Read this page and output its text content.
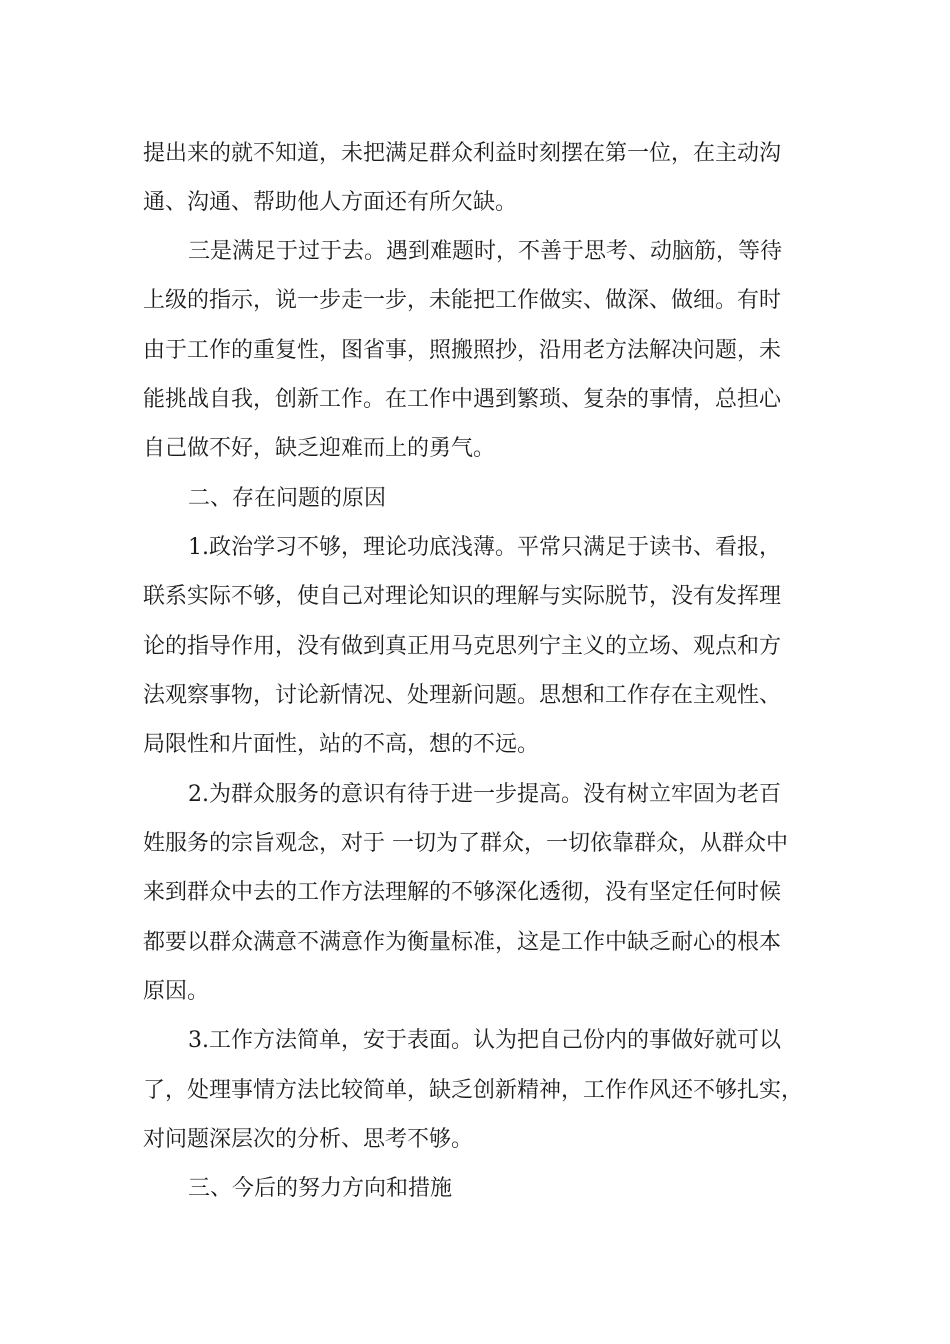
提出来的就不知道，未把满足群众利益时刻摆在第一位，在主动沟

通、沟通、帮助他人方面还有所欠缺。

三是满足于过于去。遇到难题时，不善于思考、动脑筋，等待

上级的指示，说一步走一步，未能把工作做实、做深、做细。有时

由于工作的重复性，图省事，照搬照抄，沿用老方法解决问题，未

能挑战自我，创新工作。在工作中遇到繁琐、复杂的事情，总担心

自己做不好，缺乏迎难而上的勇气。

二、存在问题的原因

1.政治学习不够，理论功底浅薄。平常只满足于读书、看报，

联系实际不够，使自己对理论知识的理解与实际脱节，没有发挥理

论的指导作用，没有做到真正用马克思列宁主义的立场、观点和方

法观察事物，讨论新情况、处理新问题。思想和工作存在主观性、

局限性和片面性，站的不高，想的不远。

2.为群众服务的意识有待于进一步提高。没有树立牢固为老百

姓服务的宗旨观念，对于 一切为了群众，一切依靠群众，从群众中

来到群众中去的工作方法理解的不够深化透彻，没有坚定任何时候

都要以群众满意不满意作为衡量标准，这是工作中缺乏耐心的根本

原因。

3.工作方法简单，安于表面。认为把自己份内的事做好就可以

了，处理事情方法比较简单，缺乏创新精神，工作作风还不够扎实，

对问题深层次的分析、思考不够。

三、今后的努力方向和措施
